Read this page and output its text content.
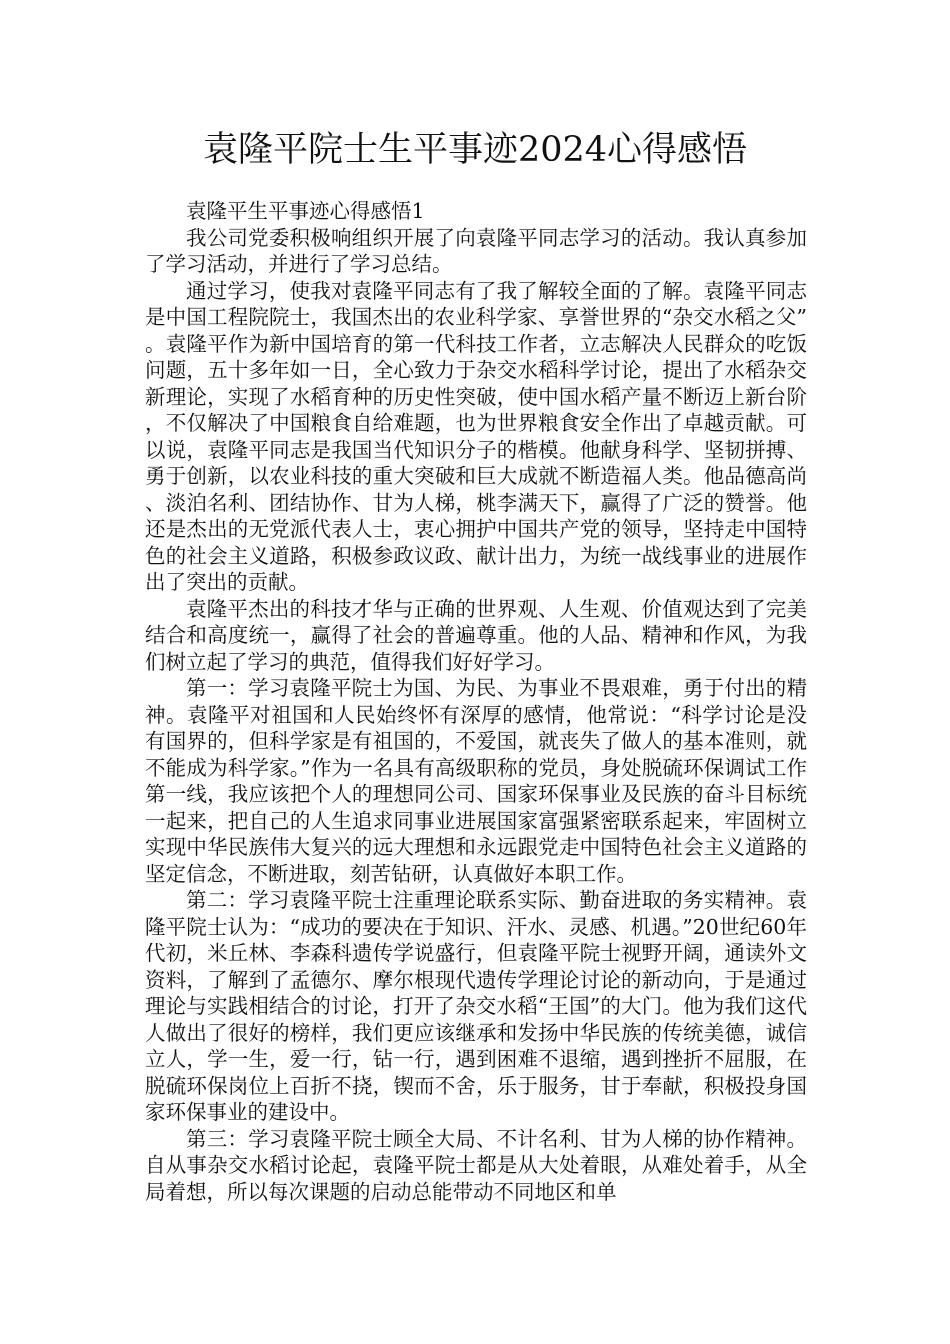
袁隆平院士生平事迹2024心得感悟

袁隆平生平事迹心得感悟1

我公司党委积极响组织开展了向袁隆平同志学习的活动。我认真参加了学习活动，并进行了学习总结。

通过学习，使我对袁隆平同志有了我了解较全面的了解。袁隆平同志是中国工程院院士，我国杰出的农业科学家、享誉世界的“杂交水稻之父”。袁隆平作为新中国培育的第一代科技工作者，立志解决人民群众的吃饭问题，五十多年如一日，全心致力于杂交水稻科学讨论，提出了水稻杂交新理论，实现了水稻育种的历史性突破，使中国水稻产量不断迈上新台阶，不仅解决了中国粮食自给难题，也为世界粮食安全作出了卓越贡献。可以说，袁隆平同志是我国当代知识分子的楷模。他献身科学、坚韧拼搏、勇于创新，以农业科技的重大突破和巨大成就不断造福人类。他品德高尚、淡泊名利、团结协作、甘为人梯，桃李满天下，赢得了广泛的赞誉。他还是杰出的无党派代表人士，衷心拥护中国共产党的领导，坚持走中国特色的社会主义道路，积极参政议政、献计出力，为统一战线事业的进展作出了突出的贡献。

袁隆平杰出的科技才华与正确的世界观、人生观、价值观达到了完美结合和高度统一，赢得了社会的普遍尊重。他的人品、精神和作风，为我们树立起了学习的典范，值得我们好好学习。

第一：学习袁隆平院士为国、为民、为事业不畏艰难，勇于付出的精神。袁隆平对祖国和人民始终怀有深厚的感情，他常说：“科学讨论是没有国界的，但科学家是有祖国的，不爱国，就丧失了做人的基本准则，就不能成为科学家。”作为一名具有高级职称的党员，身处脱硫环保调试工作第一线，我应该把个人的理想同公司、国家环保事业及民族的奋斗目标统一起来，把自己的人生追求同事业进展国家富强紧密联系起来，牢固树立实现中华民族伟大复兴的远大理想和永远跟党走中国特色社会主义道路的坚定信念，不断进取，刻苦钻研，认真做好本职工作。

第二：学习袁隆平院士注重理论联系实际、勤奋进取的务实精神。袁隆平院士认为：“成功的要决在于知识、汗水、灵感、机遇。”20世纪60年代初，米丘林、李森科遗传学说盛行，但袁隆平院士视野开阔，通读外文资料，了解到了孟德尔、摩尔根现代遗传学理论讨论的新动向，于是通过理论与实践相结合的讨论，打开了杂交水稻“王国”的大门。他为我们这代人做出了很好的榜样，我们更应该继承和发扬中华民族的传统美德，诚信立人，学一生，爱一行，钻一行，遇到困难不退缩，遇到挫折不屈服，在脱硫环保岗位上百折不挠，锲而不舍，乐于服务，甘于奉献，积极投身国家环保事业的建设中。

第三：学习袁隆平院士顾全大局、不计名利、甘为人梯的协作精神。自从事杂交水稻讨论起，袁隆平院士都是从大处着眼，从难处着手，从全局着想，所以每次课题的启动总能带动不同地区和单
